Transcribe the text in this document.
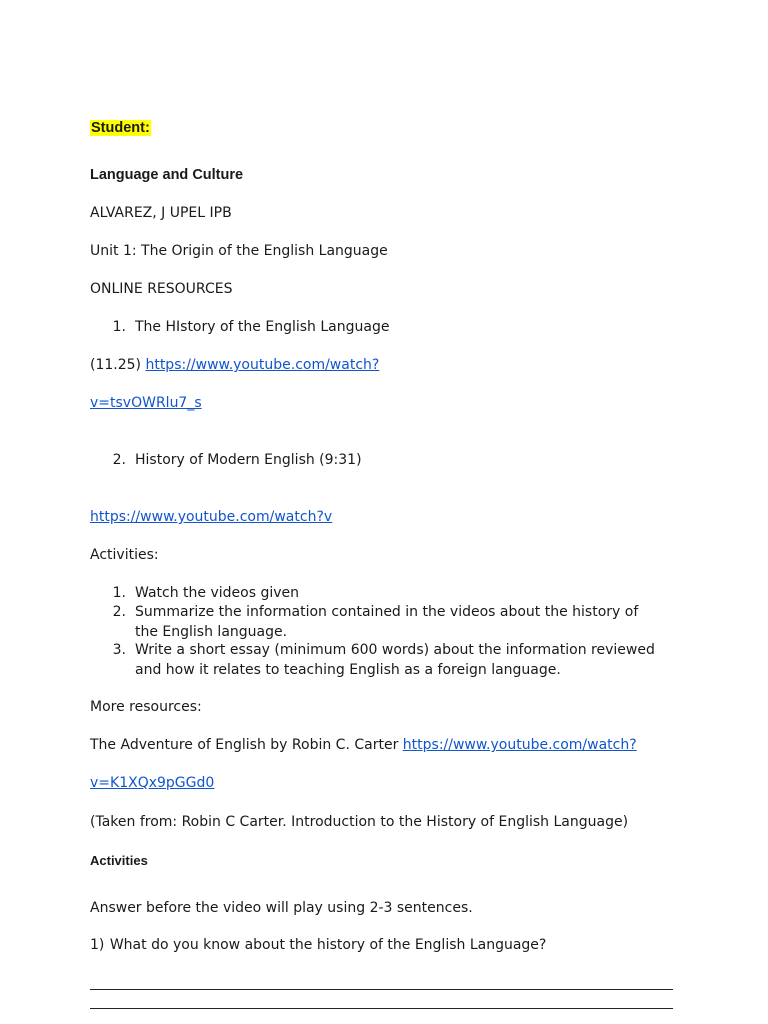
Student:
Language and Culture
ALVAREZ, J UPEL IPB
Unit 1: The Origin of the English Language
ONLINE RESOURCES
1. The HIstory of the English Language
(11.25) https://www.youtube.com/watch?
v=tsvOWRlu7_s
2. History of Modern English (9:31)
https://www.youtube.com/watch?v
Activities:
1. Watch the videos given
2. Summarize the information contained in the videos about the history of the English language.
3. Write a short essay (minimum 600 words) about the information reviewed and how it relates to teaching English as a foreign language.
More resources:
The Adventure of English by Robin C. Carter https://www.youtube.com/watch?
v=K1XQx9pGGd0
(Taken from: Robin C Carter. Introduction to the History of English Language)
Activities
Answer before the video will play using 2-3 sentences.
1) What do you know about the history of the English Language?
